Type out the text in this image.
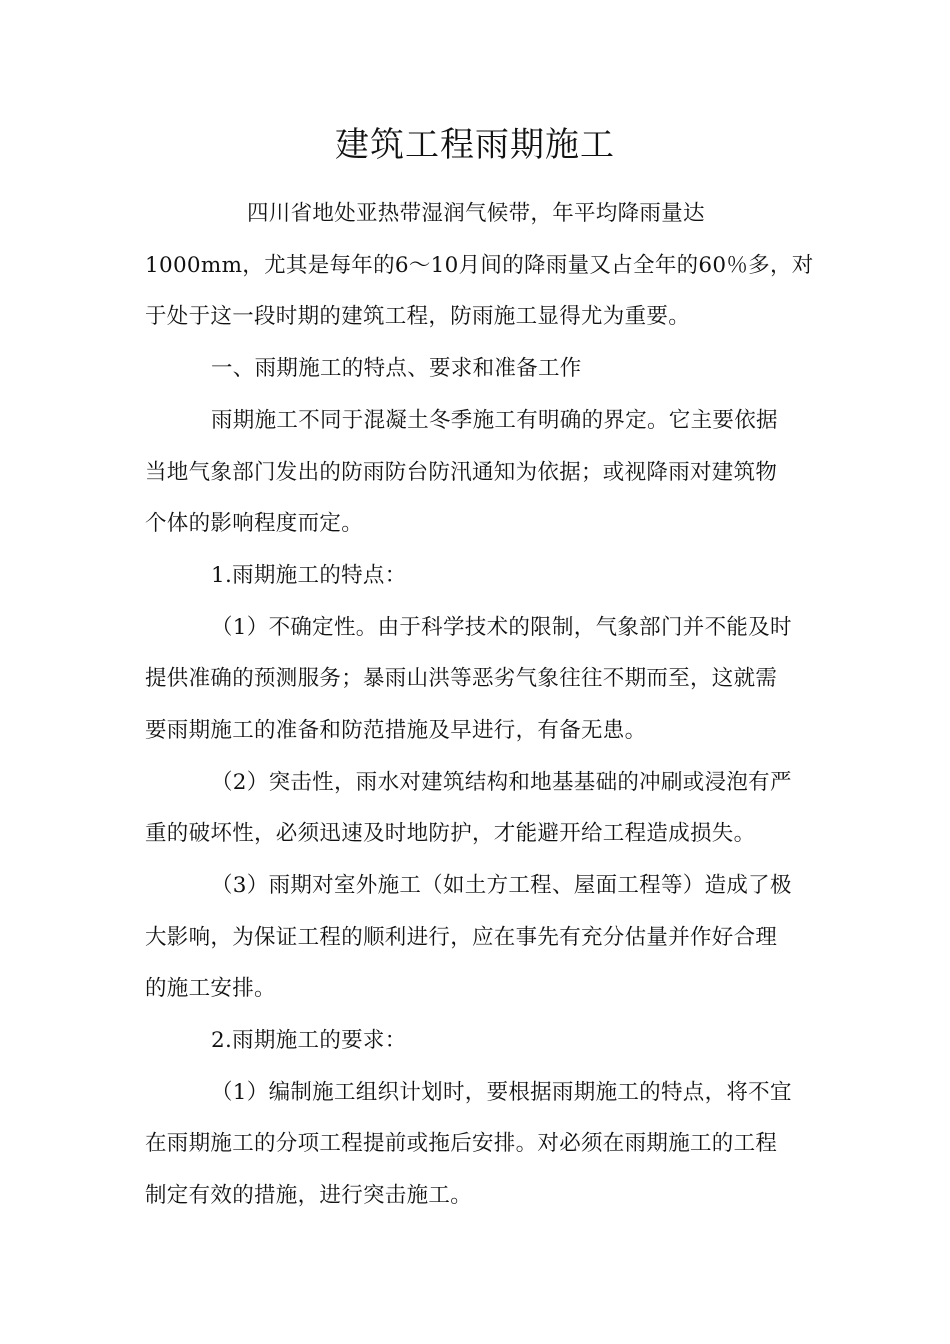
建筑工程雨期施工
四川省地处亚热带湿润气候带，年平均降雨量达
1000mm，尤其是每年的6～10月间的降雨量又占全年的60％多，对
于处于这一段时期的建筑工程，防雨施工显得尤为重要。
一、雨期施工的特点、要求和准备工作
雨期施工不同于混凝土冬季施工有明确的界定。它主要依据
当地气象部门发出的防雨防台防汛通知为依据；或视降雨对建筑物
个体的影响程度而定。
1.雨期施工的特点：
（1）不确定性。由于科学技术的限制，气象部门并不能及时
提供准确的预测服务；暴雨山洪等恶劣气象往往不期而至，这就需
要雨期施工的准备和防范措施及早进行，有备无患。
（2）突击性，雨水对建筑结构和地基基础的冲刷或浸泡有严
重的破坏性，必须迅速及时地防护，才能避开给工程造成损失。
（3）雨期对室外施工（如土方工程、屋面工程等）造成了极
大影响，为保证工程的顺利进行，应在事先有充分估量并作好合理
的施工安排。
2.雨期施工的要求：
（1）编制施工组织计划时，要根据雨期施工的特点，将不宜
在雨期施工的分项工程提前或拖后安排。对必须在雨期施工的工程
制定有效的措施，进行突击施工。
